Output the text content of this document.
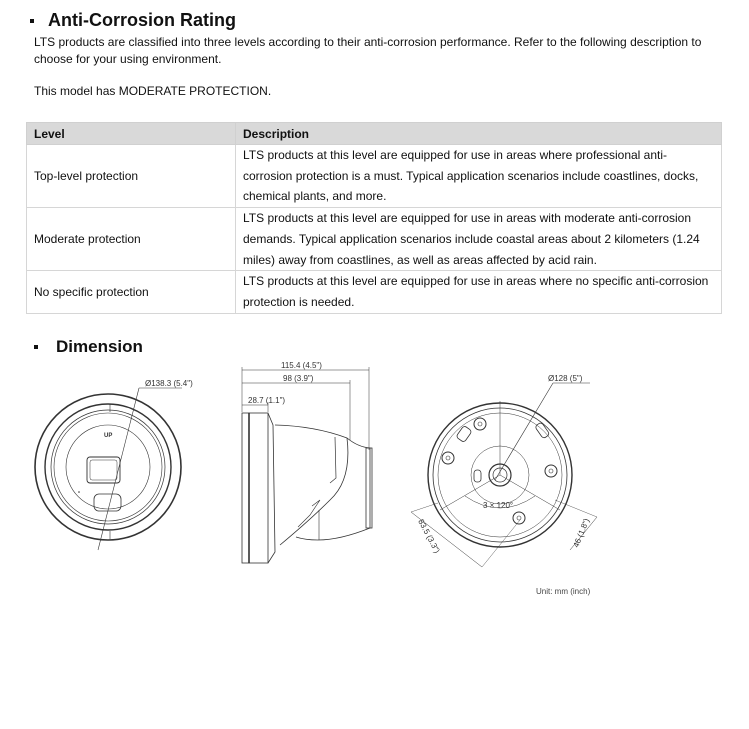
Anti-Corrosion Rating
LTS products are classified into three levels according to their anti-corrosion performance. Refer to the following description to choose for your using environment.
This model has MODERATE PROTECTION.
Level	Description
Top-level protection	LTS products at this level are equipped for use in areas where professional anti-corrosion protection is a must. Typical application scenarios include coastlines, docks, chemical plants, and more.
Moderate protection	LTS products at this level are equipped for use in areas with moderate anti-corrosion demands. Typical application scenarios include coastal areas about 2 kilometers (1.24 miles) away from coastlines, as well as areas affected by acid rain.
No specific protection	LTS products at this level are equipped for use in areas where no specific anti-corrosion protection is needed.
Dimension
UP
Ø138.3 (5.4")
115.4 (4.5")
98 (3.9")
28.7 (1.1")
Ø128 (5")
3 × 120°
83.5 (3.3")	46 (1.8")
Unit: mm (inch)
